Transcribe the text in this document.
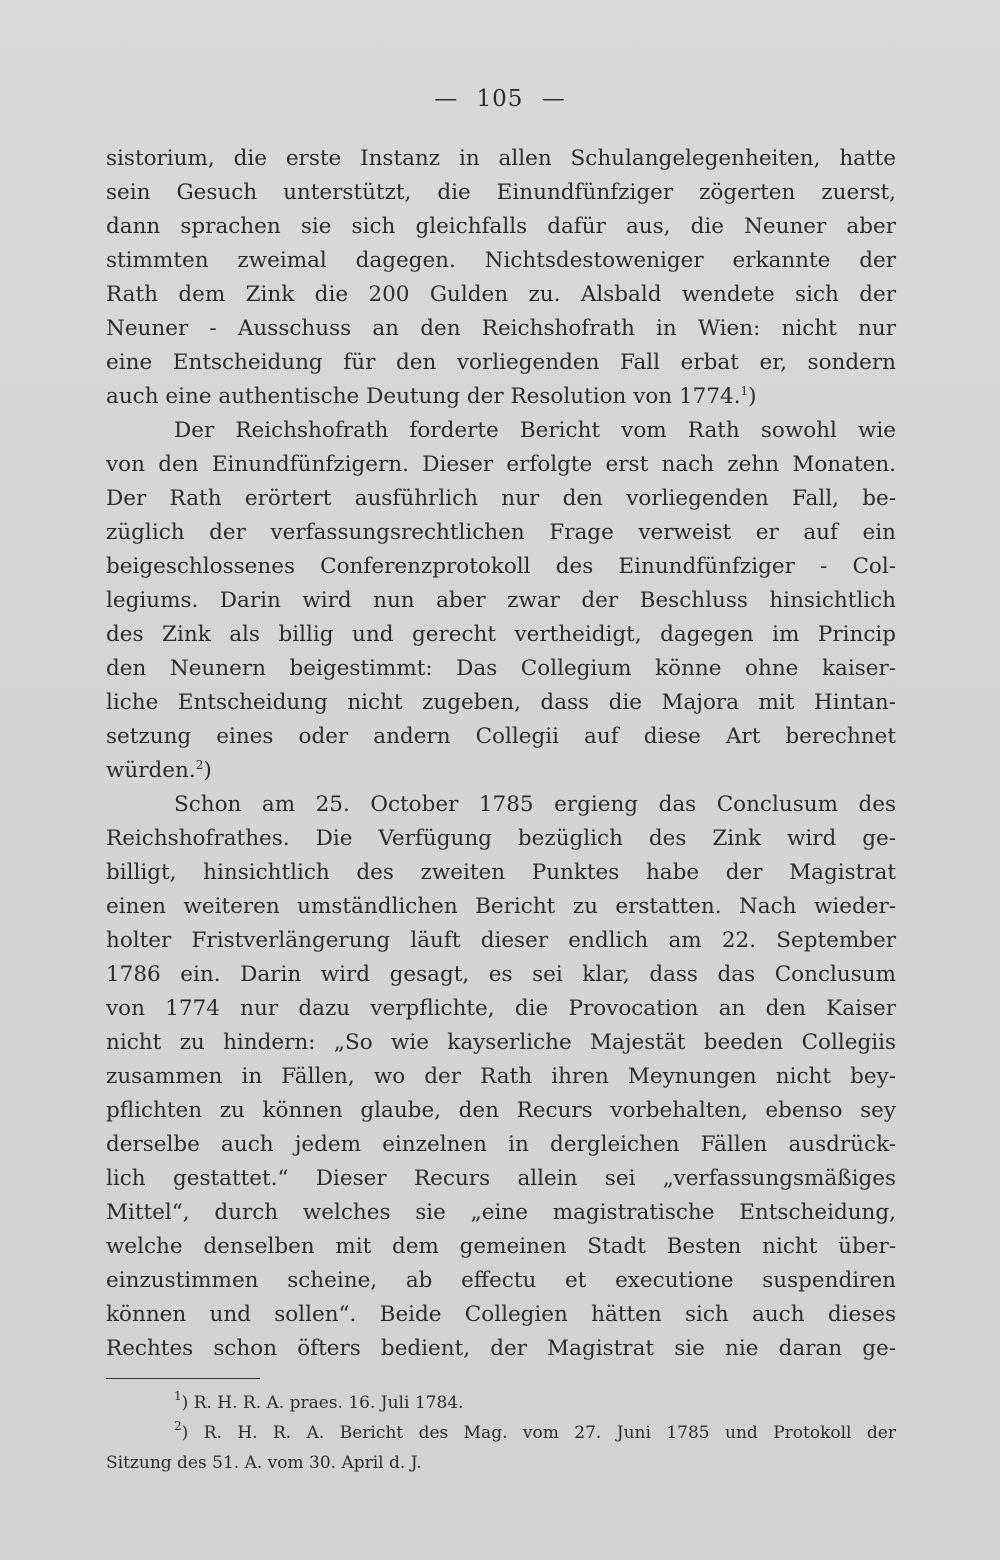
— 105 —
sistorium, die erste Instanz in allen Schulangelegenheiten, hatte
sein Gesuch unterstützt, die Einundfünfziger zögerten zuerst,
dann sprachen sie sich gleichfalls dafür aus, die Neuner aber
stimmten zweimal dagegen. Nichtsdestoweniger erkannte der
Rath dem Zink die 200 Gulden zu. Alsbald wendete sich der
Neuner - Ausschuss an den Reichshofrath in Wien: nicht nur
eine Entscheidung für den vorliegenden Fall erbat er, sondern
auch eine authentische Deutung der Resolution von 1774.$^1$)
Der Reichshofrath forderte Bericht vom Rath sowohl wie
von den Einundfünfzigern. Dieser erfolgte erst nach zehn Monaten.
Der Rath erörtert ausführlich nur den vorliegenden Fall, be-
züglich der verfassungsrechtlichen Frage verweist er auf ein
beigeschlossenes Conferenzprotokoll des Einundfünfziger - Col-
legiums. Darin wird nun aber zwar der Beschluss hinsichtlich
des Zink als billig und gerecht vertheidigt, dagegen im Princip
den Neunern beigestimmt: Das Collegium könne ohne kaiser-
liche Entscheidung nicht zugeben, dass die Majora mit Hintan-
setzung eines oder andern Collegii auf diese Art berechnet
würden.$^2$)
Schon am 25. October 1785 ergieng das Conclusum des
Reichshofrathes. Die Verfügung bezüglich des Zink wird ge-
billigt, hinsichtlich des zweiten Punktes habe der Magistrat
einen weiteren umständlichen Bericht zu erstatten. Nach wieder-
holter Fristverlängerung läuft dieser endlich am 22. September
1786 ein. Darin wird gesagt, es sei klar, dass das Conclusum
von 1774 nur dazu verpflichte, die Provocation an den Kaiser
nicht zu hindern: „So wie kayserliche Majestät beeden Collegiis
zusammen in Fällen, wo der Rath ihren Meynungen nicht bey-
pflichten zu können glaube, den Recurs vorbehalten, ebenso sey
derselbe auch jedem einzelnen in dergleichen Fällen ausdrück-
lich gestattet.“ Dieser Recurs allein sei „verfassungsmäßiges
Mittel“, durch welches sie „eine magistratische Entscheidung,
welche denselben mit dem gemeinen Stadt Besten nicht über-
einzustimmen scheine, ab effectu et executione suspendiren
können und sollen“. Beide Collegien hätten sich auch dieses
Rechtes schon öfters bedient, der Magistrat sie nie daran ge-
$^1$) R. H. R. A. praes. 16. Juli 1784.
$^2$) R. H. R. A. Bericht des Mag. vom 27. Juni 1785 und Protokoll der
Sitzung des 51. A. vom 30. April d. J.
